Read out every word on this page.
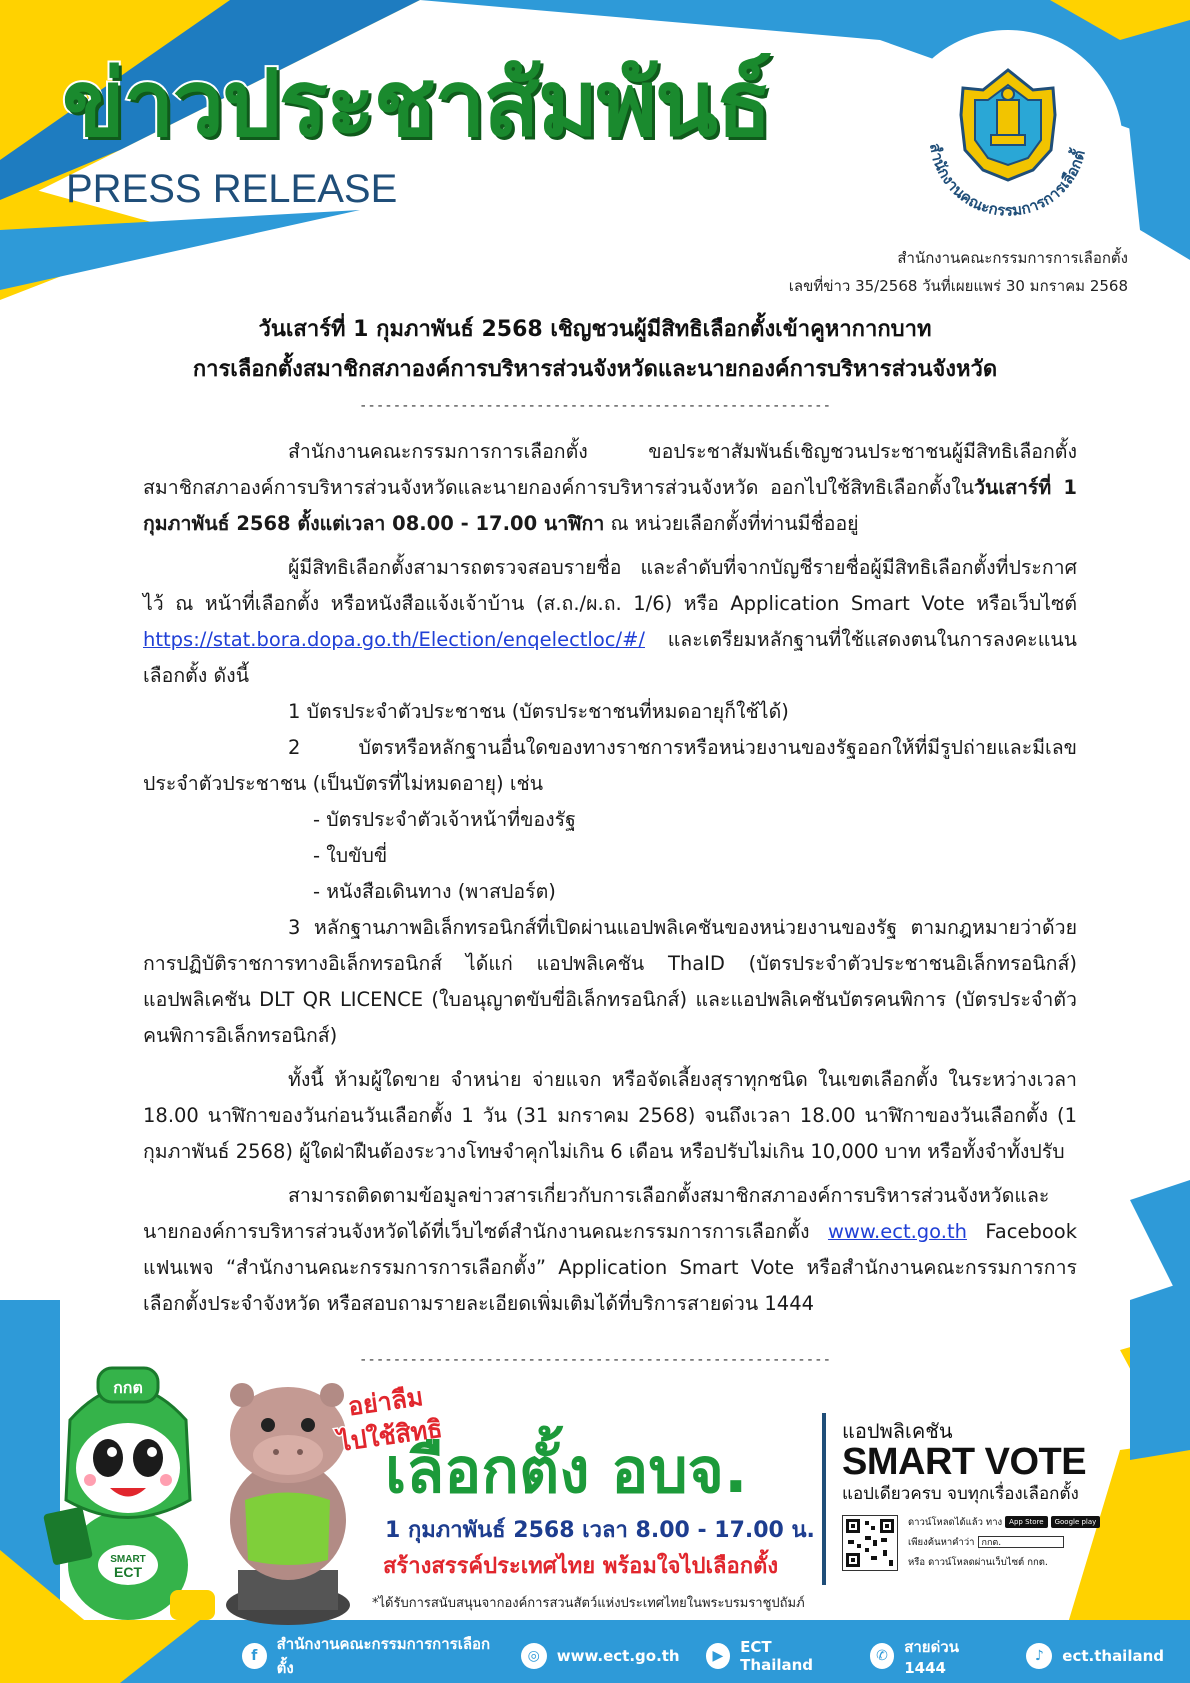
ข่าวประชาสัมพันธ์
PRESS RELEASE
สำนักงานคณะกรรมการการเลือกตั้
สำนักงานคณะกรรมการการเลือกตั้ง
เลขที่ข่าว 35/2568 วันที่เผยแพร่ 30 มกราคม 2568
วันเสาร์ที่ 1 กุมภาพันธ์ 2568 เชิญชวนผู้มีสิทธิเลือกตั้งเข้าคูหากากบาท
การเลือกตั้งสมาชิกสภาองค์การบริหารส่วนจังหวัดและนายกองค์การบริหารส่วนจังหวัด
--------------------------------------------------------

สำนักงานคณะกรรมการการเลือกตั้ง ขอประชาสัมพันธ์เชิญชวนประชาชนผู้มีสิทธิเลือกตั้งสมาชิกสภาองค์การบริหารส่วนจังหวัดและนายกองค์การบริหารส่วนจังหวัด ออกไปใช้สิทธิเลือกตั้งในวันเสาร์ที่ 1 กุมภาพันธ์ 2568 ตั้งแต่เวลา 08.00 - 17.00 นาฬิกา ณ หน่วยเลือกตั้งที่ท่านมีชื่ออยู่

ผู้มีสิทธิเลือกตั้งสามารถตรวจสอบรายชื่อ และลำดับที่จากบัญชีรายชื่อผู้มีสิทธิเลือกตั้งที่ประกาศไว้ ณ หน้าที่เลือกตั้ง หรือหนังสือแจ้งเจ้าบ้าน (ส.ถ./ผ.ถ. 1/6) หรือ Application Smart Vote หรือเว็บไซต์ https://stat.bora.dopa.go.th/Election/enqelectloc/#/ และเตรียมหลักฐานที่ใช้แสดงตนในการลงคะแนนเลือกตั้ง ดังนี้

1 บัตรประจำตัวประชาชน (บัตรประชาชนที่หมดอายุก็ใช้ได้)

2 บัตรหรือหลักฐานอื่นใดของทางราชการหรือหน่วยงานของรัฐออกให้ที่มีรูปถ่ายและมีเลขประจำตัวประชาชน (เป็นบัตรที่ไม่หมดอายุ) เช่น

- บัตรประจำตัวเจ้าหน้าที่ของรัฐ

- ใบขับขี่

- หนังสือเดินทาง (พาสปอร์ต)

3 หลักฐานภาพอิเล็กทรอนิกส์ที่เปิดผ่านแอปพลิเคชันของหน่วยงานของรัฐ ตามกฎหมายว่าด้วยการปฏิบัติราชการทางอิเล็กทรอนิกส์ ได้แก่ แอปพลิเคชัน ThaID (บัตรประจำตัวประชาชนอิเล็กทรอนิกส์) แอปพลิเคชัน DLT QR LICENCE (ใบอนุญาตขับขี่อิเล็กทรอนิกส์) และแอปพลิเคชันบัตรคนพิการ (บัตรประจำตัวคนพิการอิเล็กทรอนิกส์)

ทั้งนี้ ห้ามผู้ใดขาย จำหน่าย จ่ายแจก หรือจัดเลี้ยงสุราทุกชนิด ในเขตเลือกตั้ง ในระหว่างเวลา 18.00 นาฬิกาของวันก่อนวันเลือกตั้ง 1 วัน (31 มกราคม 2568) จนถึงเวลา 18.00 นาฬิกาของวันเลือกตั้ง (1 กุมภาพันธ์ 2568) ผู้ใดฝ่าฝืนต้องระวางโทษจำคุกไม่เกิน 6 เดือน หรือปรับไม่เกิน 10,000 บาท หรือทั้งจำทั้งปรับ

สามารถติดตามข้อมูลข่าวสารเกี่ยวกับการเลือกตั้งสมาชิกสภาองค์การบริหารส่วนจังหวัดและนายกองค์การบริหารส่วนจังหวัดได้ที่เว็บไซต์สำนักงานคณะกรรมการการเลือกตั้ง www.ect.go.th Facebook แฟนเพจ “สำนักงานคณะกรรมการการเลือกตั้ง” Application Smart Vote หรือสำนักงานคณะกรรมการการเลือกตั้งประจำจังหวัด หรือสอบถามรายละเอียดเพิ่มเติมได้ที่บริการสายด่วน 1444

--------------------------------------------------------
กกต
SMART
ECT
อย่าลืม
ไปใช้สิทธิ
เลือกตั้ง อบจ.
1 กุมภาพันธ์ 2568 เวลา 8.00 - 17.00 น.
สร้างสรรค์ประเทศไทย พร้อมใจไปเลือกตั้ง
*ได้รับการสนับสนุนจากองค์การสวนสัตว์แห่งประเทศไทยในพระบรมราชูปถัมภ์
แอปพลิเคชัน
SMART VOTE
แอปเดียวครบ จบทุกเรื่องเลือกตั้ง
ดาวน์โหลดได้แล้ว ทาง App Store Google play
เพียงค้นหาคำว่า กกต.
หรือ ดาวน์โหลดผ่านเว็บไซต์ กกต.
f
สำนักงานคณะกรรมการการเลือกตั้ง
◎	www.ect.go.th	▶	ECT Thailand	✆	สายด่วน 1444
♪	ect.thailand
